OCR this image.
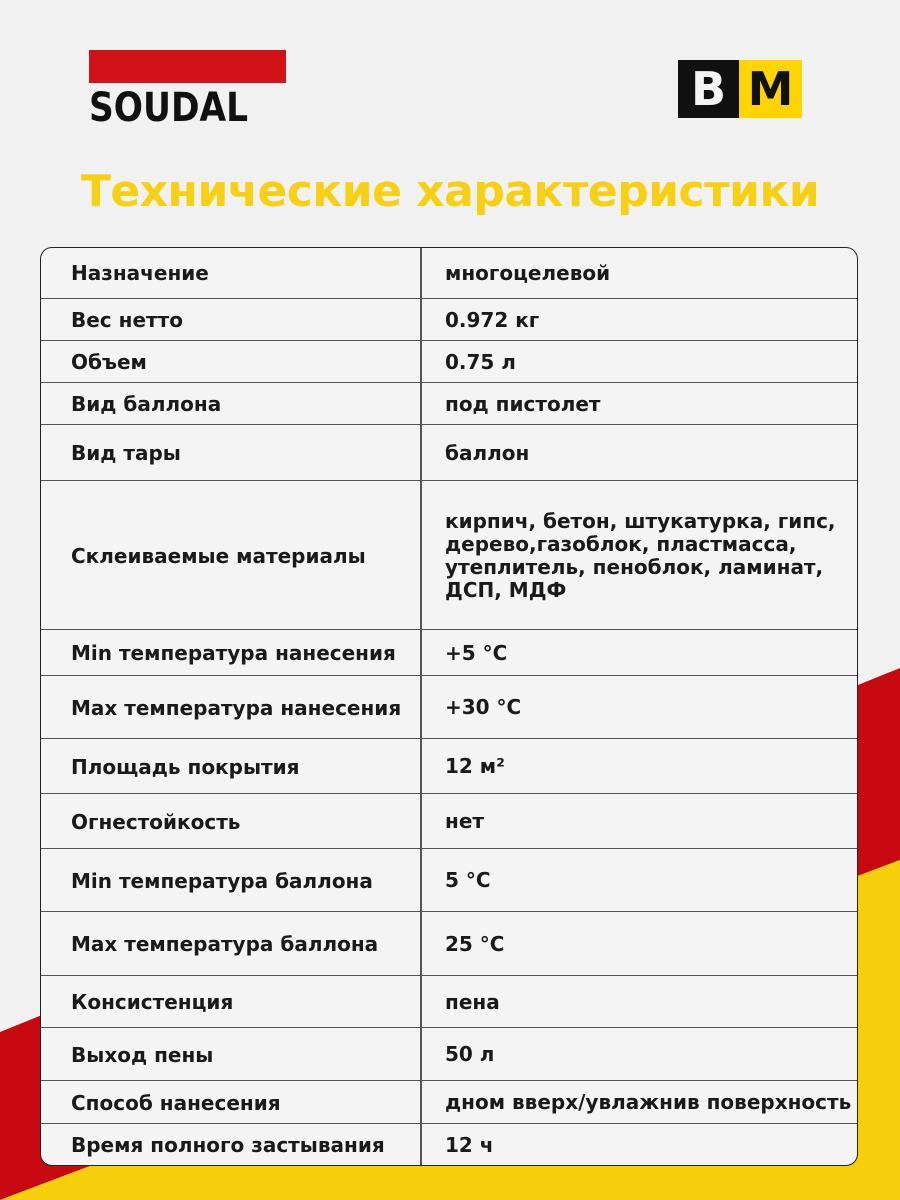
SOUDAL	B M
Технические характеристики
Назначение	многоцелевой
Вес нетто	0.972 кг
Объем	0.75 л
Вид баллона	под пистолет
Вид тары	баллон
Склеиваемые материалы
кирпич, бетон, штукатурка, гипс,
дерево,газоблок, пластмасса,
утеплитель, пеноблок, ламинат,
ДСП, МДФ
Min температура нанесения	+5 °C
Max температура нанесения	+30 °C
Площадь покрытия	12 м²
Огнестойкость	нет
Min температура баллона	5 °C
Max температура баллона	25 °C
Консистенция	пена
Выход пены	50 л
Способ нанесения	дном вверх/увлажнив поверхность
Время полного застывания	12 ч
